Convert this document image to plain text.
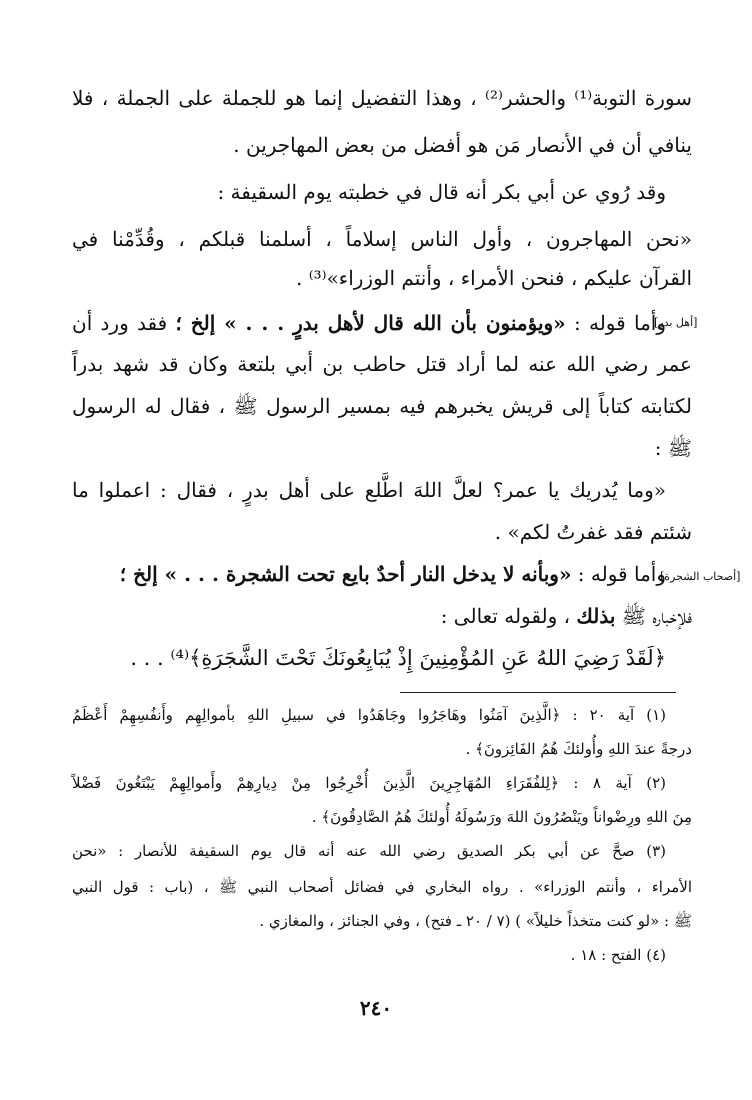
سورة التوبة⁽¹⁾ والحشر⁽²⁾ ، وهذا التفضيل إنما هو للجملة على الجملة ، فلا
ينافي أن في الأنصار مَن هو أفضل من بعض المهاجرين .
وقد رُوي عن أبي بكر أنه قال في خطبته يوم السقيفة :
«نحن المهاجرون ، وأول الناس إسلاماً ، أسلمنا قبلكم ، وقُدِّمْنا في
القرآن عليكم ، فنحن الأمراء ، وأنتم الوزراء»⁽³⁾ .
وأما قوله : «ويؤمنون بأن الله قال لأهل بدرٍ . . . » إلخ ؛ فقد ورد أن
عمر رضي الله عنه لما أراد قتل حاطب بن أبي بلتعة وكان قد شهد بدراً
لكتابته كتاباً إلى قريش يخبرهم فيه بمسير الرسول ﷺ ، فقال له الرسول
ﷺ :
«وما يُدريك يا عمر؟ لعلَّ اللهَ اطَّلع على أهل بدرٍ ، فقال : اعملوا ما
شئتم فقد غفرتُ لكم» .
وأما قوله : «وبأنه لا يدخل النار أحدٌ بايع تحت الشجرة . . . » إلخ ؛
فلإخباره ﷺ بذلك ، ولقوله تعالى :
﴿لَقَدْ رَضِيَ اللهُ عَنِ المُؤْمِنِينَ إِذْ يُبَايِعُونَكَ تَحْتَ الشَّجَرَةِ﴾⁽⁴⁾ . . .
[أهل بدر]
[أصحاب الشجرة]
(١) آية ٢٠ : ﴿الَّذِينَ آمَنُوا وهَاجَرُوا وجَاهَدُوا في سبيلِ اللهِ بأموالِهِم وأَنفُسِهِمْ أَعْظَمُ
درجةً عندَ اللهِ وأُولئكَ هُمُ الفَائِزونَ﴾ .
(٢) آية ٨ : ﴿لِلفُقَرَاءِ المُهَاجِرِينَ الَّذِينَ أُخْرِجُوا مِنْ دِيارِهِمْ وأَموالِهِمْ يَبْتَغُونَ فَضْلاً
مِنَ اللهِ ورِضْواناً ويَنْصُرُونَ اللهَ ورَسُولَهُ أُولئكَ هُمُ الصَّادِقُونَ﴾ .
(٣) صحَّ عن أبي بكر الصديق رضي الله عنه أنه قال يوم السقيفة للأنصار : «نحن
الأمراء ، وأنتم الوزراء» . رواه البخاري في فضائل أصحاب النبي ﷺ ، (باب : قول النبي
ﷺ : «لو كنت متخذاً خليلاً» ) (٧ / ٢٠ ـ فتح) ، وفي الجنائز ، والمغازي .
(٤) الفتح : ١٨ .
٢٤٠
